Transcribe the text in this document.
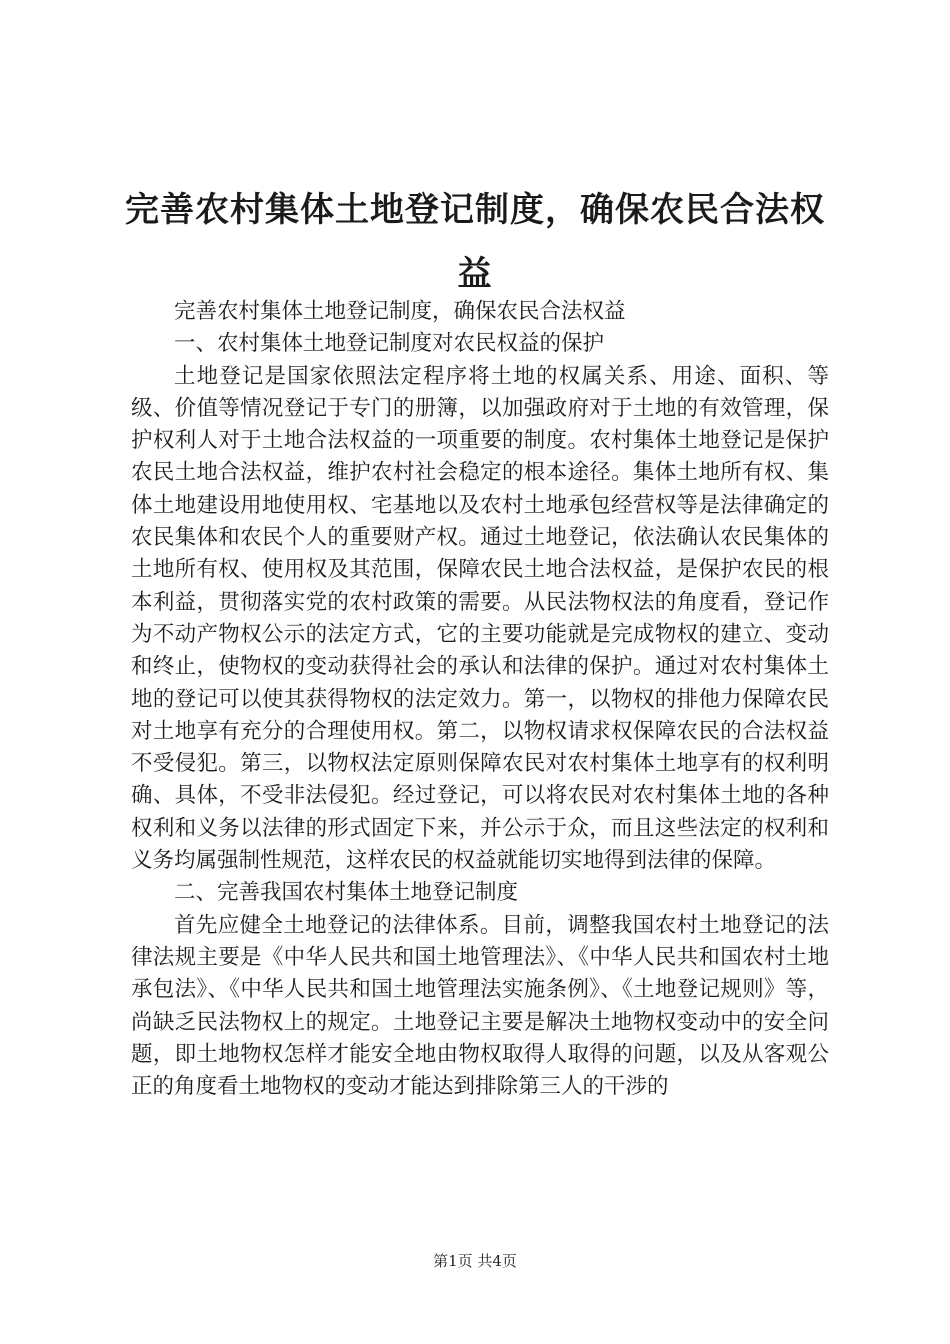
完善农村集体土地登记制度，确保农民合法权益

完善农村集体土地登记制度，确保农民合法权益

一、农村集体土地登记制度对农民权益的保护

土地登记是国家依照法定程序将土地的权属关系、用途、面积、等级、价值等情况登记于专门的册簿，以加强政府对于土地的有效管理，保护权利人对于土地合法权益的一项重要的制度。农村集体土地登记是保护农民土地合法权益，维护农村社会稳定的根本途径。集体土地所有权、集体土地建设用地使用权、宅基地以及农村土地承包经营权等是法律确定的农民集体和农民个人的重要财产权。通过土地登记，依法确认农民集体的土地所有权、使用权及其范围，保障农民土地合法权益，是保护农民的根本利益，贯彻落实党的农村政策的需要。从民法物权法的角度看，登记作为不动产物权公示的法定方式，它的主要功能就是完成物权的建立、变动和终止，使物权的变动获得社会的承认和法律的保护。通过对农村集体土地的登记可以使其获得物权的法定效力。第一，以物权的排他力保障农民对土地享有充分的合理使用权。第二，以物权请求权保障农民的合法权益不受侵犯。第三，以物权法定原则保障农民对农村集体土地享有的权利明确、具体，不受非法侵犯。经过登记，可以将农民对农村集体土地的各种权利和义务以法律的形式固定下来，并公示于众，而且这些法定的权利和义务均属强制性规范，这样农民的权益就能切实地得到法律的保障。

二、完善我国农村集体土地登记制度

首先应健全土地登记的法律体系。目前，调整我国农村土地登记的法律法规主要是《中华人民共和国土地管理法》、《中华人民共和国农村土地承包法》、《中华人民共和国土地管理法实施条例》、《土地登记规则》等，尚缺乏民法物权上的规定。土地登记主要是解决土地物权变动中的安全问题，即土地物权怎样才能安全地由物权取得人取得的问题，以及从客观公正的角度看土地物权的变动才能达到排除第三人的干涉的

第1页 共4页
